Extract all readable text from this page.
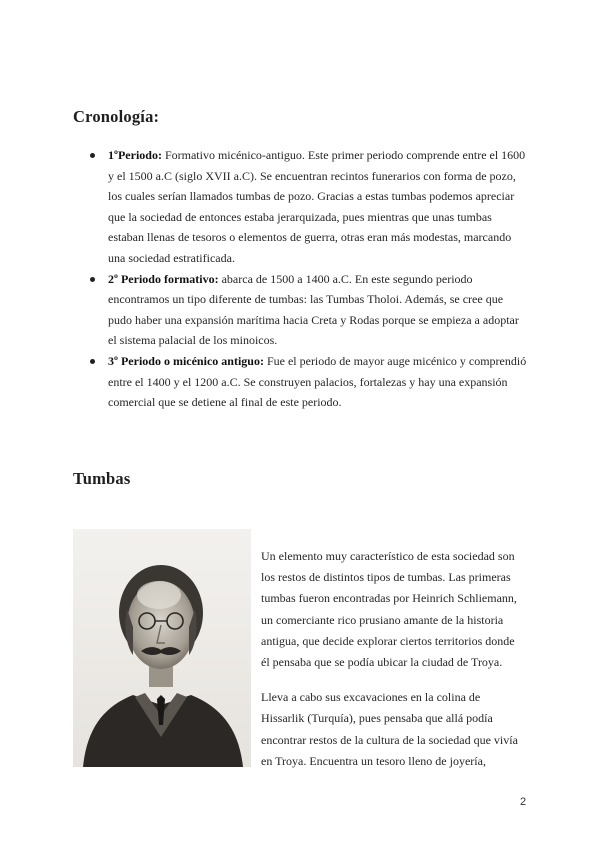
Cronología:
1ºPeriodo: Formativo micénico-antiguo. Este primer periodo comprende entre el 1600 y el 1500 a.C (siglo XVII a.C). Se encuentran recintos funerarios con forma de pozo, los cuales serían llamados tumbas de pozo. Gracias a estas tumbas podemos apreciar que la sociedad de entonces estaba jerarquizada, pues mientras que unas tumbas estaban llenas de tesoros o elementos de guerra, otras eran más modestas, marcando una sociedad estratificada.
2º Periodo formativo: abarca de 1500 a 1400 a.C. En este segundo periodo encontramos un tipo diferente de tumbas: las Tumbas Tholoi. Además, se cree que pudo haber una expansión marítima hacia Creta y Rodas porque se empieza a adoptar el sistema palacial de los minoicos.
3º Periodo o micénico antiguo: Fue el periodo de mayor auge micénico y comprendió entre el 1400 y el 1200 a.C. Se construyen palacios, fortalezas y hay una expansión comercial que se detiene al final de este periodo.
Tumbas

Un elemento muy característico de esta sociedad son los restos de distintos tipos de tumbas. Las primeras tumbas fueron encontradas por Heinrich Schliemann, un comerciante rico prusiano amante de la historia antigua, que decide explorar ciertos territorios donde él pensaba que se podía ubicar la ciudad de Troya.

Lleva a cabo sus excavaciones en la colina de Hissarlik (Turquía), pues pensaba que allá podía encontrar restos de la cultura de la sociedad que vivía en Troya. Encuentra un tesoro lleno de joyería,

2
